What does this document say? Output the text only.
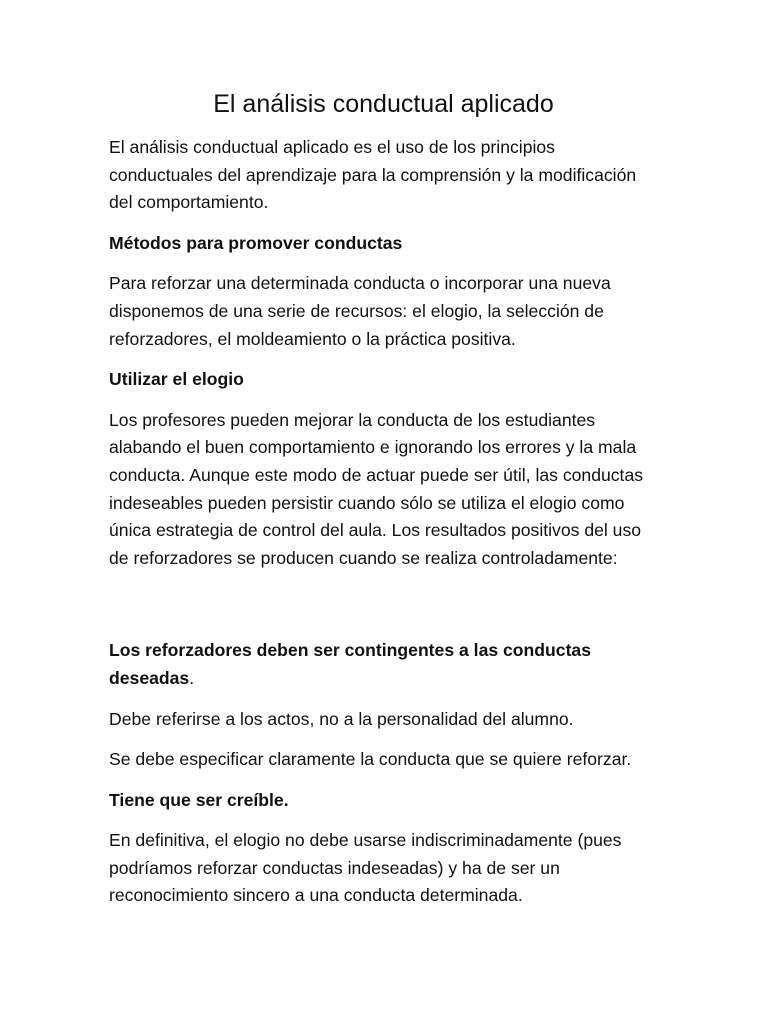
El análisis conductual aplicado

El análisis conductual aplicado es el uso de los principios conductuales del aprendizaje para la comprensión y la modificación del comportamiento.

Métodos para promover conductas

Para reforzar una determinada conducta o incorporar una nueva disponemos de una serie de recursos: el elogio, la selección de reforzadores, el moldeamiento o la práctica positiva.

Utilizar el elogio

Los profesores pueden mejorar la conducta de los estudiantes alabando el buen comportamiento e ignorando los errores y la mala conducta. Aunque este modo de actuar puede ser útil, las conductas indeseables pueden persistir cuando sólo se utiliza el elogio como única estrategia de control del aula. Los resultados positivos del uso de reforzadores se producen cuando se realiza controladamente:

Los reforzadores deben ser contingentes a las conductas deseadas.

Debe referirse a los actos, no a la personalidad del alumno.

Se debe especificar claramente la conducta que se quiere reforzar.

Tiene que ser creíble.

En definitiva, el elogio no debe usarse indiscriminadamente (pues podríamos reforzar conductas indeseadas) y ha de ser un reconocimiento sincero a una conducta determinada.
